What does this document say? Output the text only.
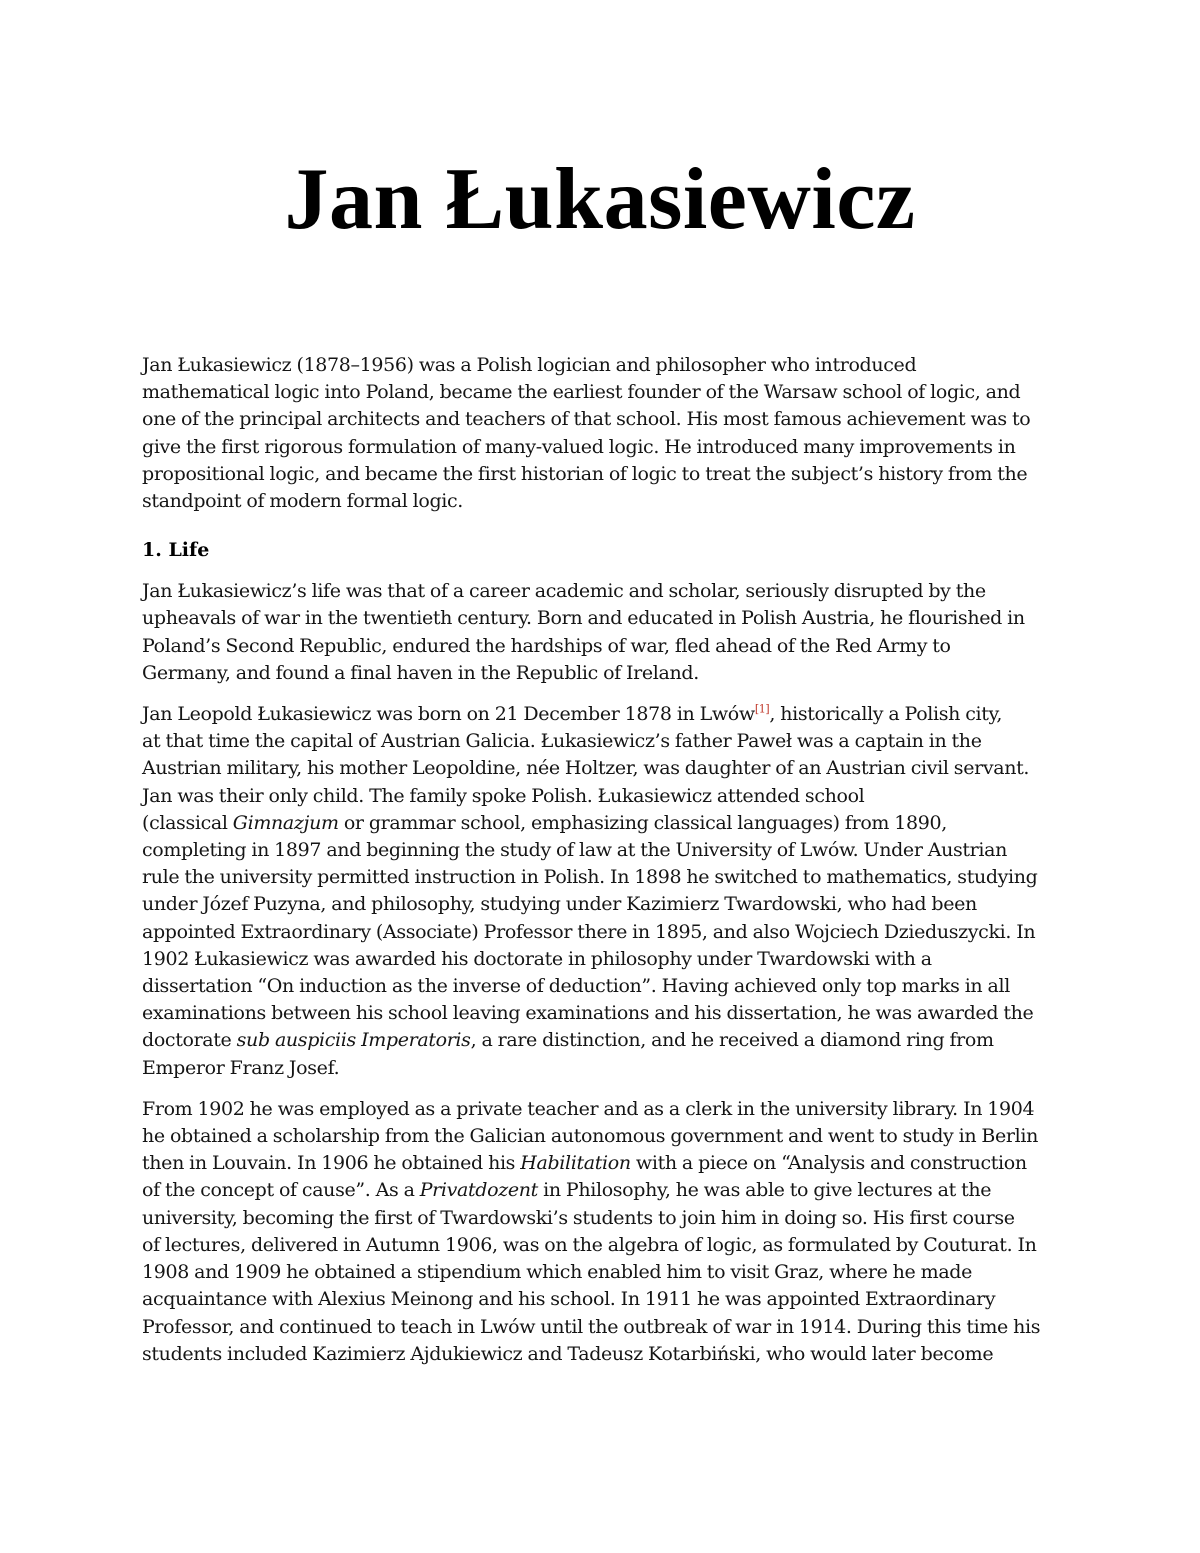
Jan Łukasiewicz

Jan Łukasiewicz (1878–1956) was a Polish logician and philosopher who introduced
mathematical logic into Poland, became the earliest founder of the Warsaw school of logic, and
one of the principal architects and teachers of that school. His most famous achievement was to
give the first rigorous formulation of many-valued logic. He introduced many improvements in
propositional logic, and became the first historian of logic to treat the subject’s history from the
standpoint of modern formal logic.

1. Life

Jan Łukasiewicz’s life was that of a career academic and scholar, seriously disrupted by the
upheavals of war in the twentieth century. Born and educated in Polish Austria, he flourished in
Poland’s Second Republic, endured the hardships of war, fled ahead of the Red Army to
Germany, and found a final haven in the Republic of Ireland.

Jan Leopold Łukasiewicz was born on 21 December 1878 in Lwów[1], historically a Polish city,
at that time the capital of Austrian Galicia. Łukasiewicz’s father Paweł was a captain in the
Austrian military, his mother Leopoldine, née Holtzer, was daughter of an Austrian civil servant.
Jan was their only child. The family spoke Polish. Łukasiewicz attended school
(classical Gimnazjum or grammar school, emphasizing classical languages) from 1890,
completing in 1897 and beginning the study of law at the University of Lwów. Under Austrian
rule the university permitted instruction in Polish. In 1898 he switched to mathematics, studying
under Józef Puzyna, and philosophy, studying under Kazimierz Twardowski, who had been
appointed Extraordinary (Associate) Professor there in 1895, and also Wojciech Dzieduszycki. In
1902 Łukasiewicz was awarded his doctorate in philosophy under Twardowski with a
dissertation “On induction as the inverse of deduction”. Having achieved only top marks in all
examinations between his school leaving examinations and his dissertation, he was awarded the
doctorate sub auspiciis Imperatoris, a rare distinction, and he received a diamond ring from
Emperor Franz Josef.

From 1902 he was employed as a private teacher and as a clerk in the university library. In 1904
he obtained a scholarship from the Galician autonomous government and went to study in Berlin
then in Louvain. In 1906 he obtained his Habilitation with a piece on “Analysis and construction
of the concept of cause”. As a Privatdozent in Philosophy, he was able to give lectures at the
university, becoming the first of Twardowski’s students to join him in doing so. His first course
of lectures, delivered in Autumn 1906, was on the algebra of logic, as formulated by Couturat. In
1908 and 1909 he obtained a stipendium which enabled him to visit Graz, where he made
acquaintance with Alexius Meinong and his school. In 1911 he was appointed Extraordinary
Professor, and continued to teach in Lwów until the outbreak of war in 1914. During this time his
students included Kazimierz Ajdukiewicz and Tadeusz Kotarbiński, who would later become
